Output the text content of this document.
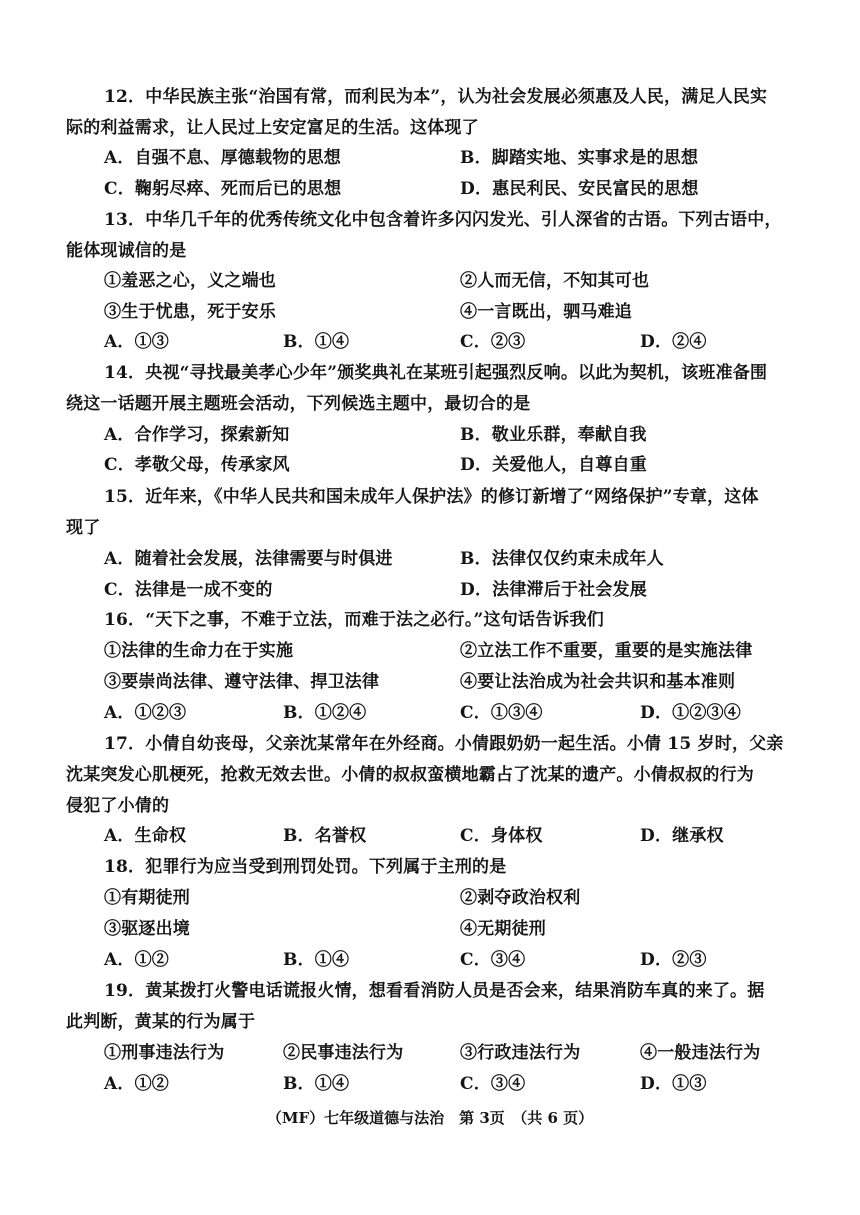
12．中华民族主张“治国有常，而利民为本”，认为社会发展必须惠及人民，满足人民实
际的利益需求，让人民过上安定富足的生活。这体现了
A．自强不息、厚德载物的思想	B．脚踏实地、实事求是的思想
C．鞠躬尽瘁、死而后已的思想	D．惠民利民、安民富民的思想
13．中华几千年的优秀传统文化中包含着许多闪闪发光、引人深省的古语。下列古语中，
能体现诚信的是
①羞恶之心，义之端也	②人而无信，不知其可也
③生于忧患，死于安乐	④一言既出，驷马难追
A．①③	B．①④	C．②③	D．②④
14．央视“寻找最美孝心少年”颁奖典礼在某班引起强烈反响。以此为契机，该班准备围
绕这一话题开展主题班会活动，下列候选主题中，最切合的是
A．合作学习，探索新知	B．敬业乐群，奉献自我
C．孝敬父母，传承家风	D．关爱他人，自尊自重
15．近年来，《中华人民共和国未成年人保护法》的修订新增了“网络保护”专章，这体
现了
A．随着社会发展，法律需要与时俱进	B．法律仅仅约束未成年人
C．法律是一成不变的	D．法律滞后于社会发展
16．“天下之事，不难于立法，而难于法之必行。”这句话告诉我们
①法律的生命力在于实施	②立法工作不重要，重要的是实施法律
③要崇尚法律、遵守法律、捍卫法律	④要让法治成为社会共识和基本准则
A．①②③	B．①②④	C．①③④	D．①②③④
17．小倩自幼丧母，父亲沈某常年在外经商。小倩跟奶奶一起生活。小倩 15 岁时，父亲
沈某突发心肌梗死，抢救无效去世。小倩的叔叔蛮横地霸占了沈某的遗产。小倩叔叔的行为
侵犯了小倩的
A．生命权	B．名誉权	C．身体权	D．继承权
18．犯罪行为应当受到刑罚处罚。下列属于主刑的是
①有期徒刑	②剥夺政治权利
③驱逐出境	④无期徒刑
A．①②	B．①④	C．③④	D．②③
19．黄某拨打火警电话谎报火情，想看看消防人员是否会来，结果消防车真的来了。据
此判断，黄某的行为属于
①刑事违法行为	②民事违法行为	③行政违法行为	④一般违法行为
A．①②	B．①④	C．③④	D．①③
（MF）七年级道德与法治　第 3页　（共 6 页）
